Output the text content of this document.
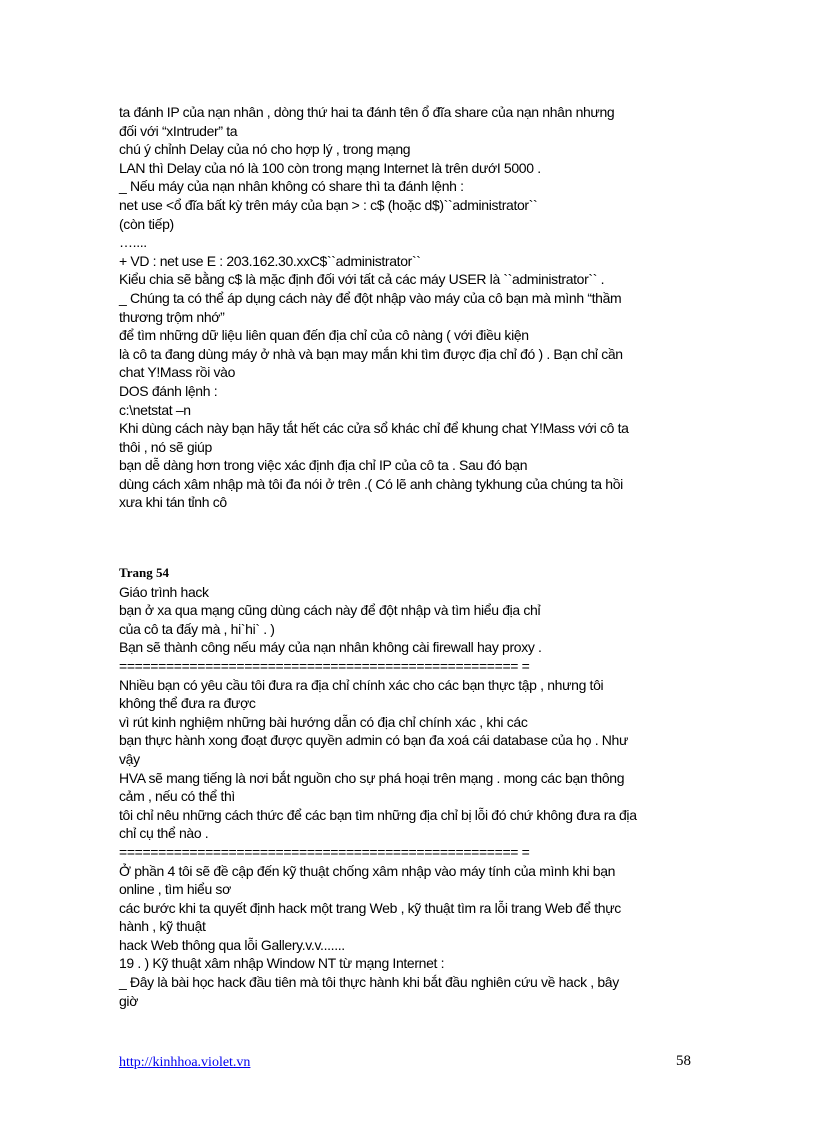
ta đánh IP của nạn nhân , dòng thứ hai ta đánh tên ổ đĩa share của nạn nhân nhưng
đối với “xIntruder” ta
chú ý chỉnh Delay của nó cho hợp lý , trong mạng
LAN thì Delay của nó là 100 còn trong mạng Internet là trên dướI 5000 .
_ Nếu máy của nạn nhân không có share thì ta đánh lệnh :
net use <ổ đĩa bất kỳ trên máy của bạn > : c$ (hoặc d$)``administrator``
(còn tiếp)
…....
+ VD : net use E : 203.162.30.xxC$``administrator``
Kiểu chia sẽ bằng c$ là mặc định đối với tất cả các máy USER là ``administrator`` .
_ Chúng ta có thể áp dụng cách này để đột nhập vào máy của cô bạn mà mình “thầm
thương trộm nhớ”
để tìm những dữ liệu liên quan đến địa chỉ của cô nàng ( với điều kiện
là cô ta đang dùng máy ở nhà và bạn may mắn khi tìm được địa chỉ đó ) . Bạn chỉ cần
chat Y!Mass rồi vào
DOS đánh lệnh :
c:\netstat –n
Khi dùng cách này bạn hãy tắt hết các cửa sổ khác chỉ để khung chat Y!Mass với cô ta
thôi , nó sẽ giúp
bạn dễ dàng hơn trong việc xác định địa chỉ IP của cô ta . Sau đó bạn
dùng cách xâm nhập mà tôi đa nói ở trên .( Có lẽ anh chàng tykhung của chúng ta hồi
xưa khi tán tỉnh cô
Trang 54
Giáo trình hack
bạn ở xa qua mạng cũng dùng cách này để đột nhập và tìm hiểu địa chỉ
của cô ta đấy mà , hi`hi` . )
Bạn sẽ thành công nếu máy của nạn nhân không cài firewall hay proxy .
=================================================== =
Nhiều bạn có yêu cầu tôi đưa ra địa chỉ chính xác cho các bạn thực tập , nhưng tôi
không thể đưa ra được
vì rút kinh nghiệm những bài hướng dẫn có địa chỉ chính xác , khi các
bạn thực hành xong đoạt được quyền admin có bạn đa xoá cái database của họ . Như
vậy
HVA sẽ mang tiếng là nơi bắt nguồn cho sự phá hoại trên mạng . mong các bạn thông
cảm , nếu có thể thì
tôi chỉ nêu những cách thức để các bạn tìm những địa chỉ bị lỗi đó chứ không đưa ra địa
chỉ cụ thể nào .
=================================================== =
Ở phần 4 tôi sẽ đề cập đến kỹ thuật chống xâm nhập vào máy tính của mình khi bạn
online , tìm hiểu sơ
các bước khi ta quyết định hack một trang Web , kỹ thuật tìm ra lỗi trang Web để thực
hành , kỹ thuật
hack Web thông qua lỗi Gallery.v.v.......
19 . ) Kỹ thuật xâm nhập Window NT từ mạng Internet :
_ Đây là bài học hack đầu tiên mà tôi thực hành khi bắt đầu nghiên cứu về hack , bây
giờ
http://kinhhoa.violet.vn	58
